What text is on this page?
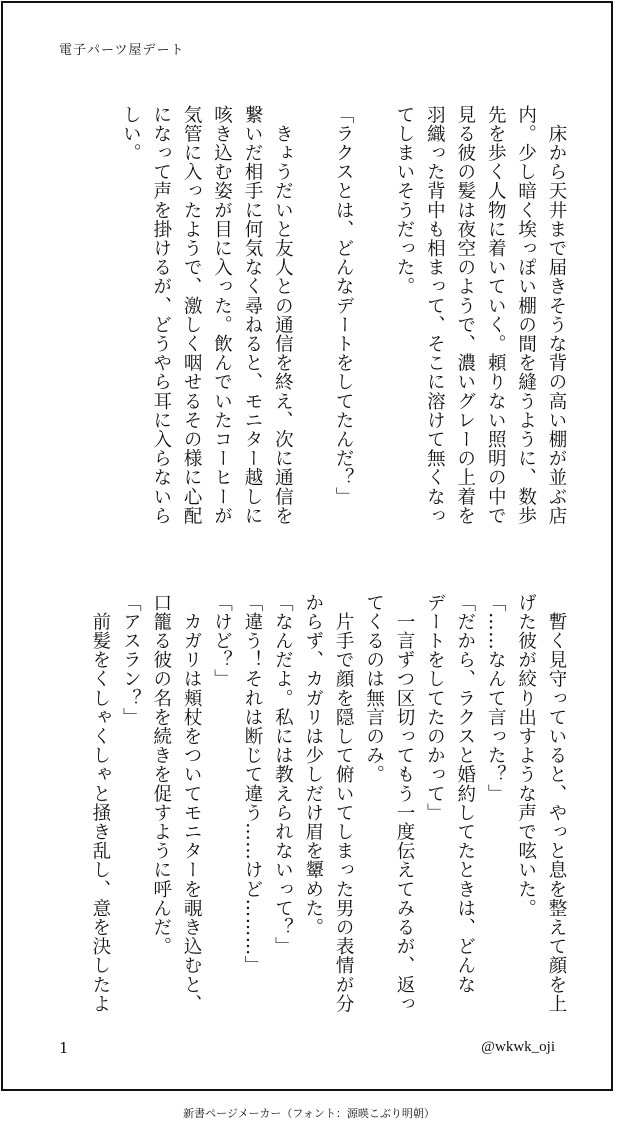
電子パーツ屋デート

　床から天井まで届きそうな背の高い棚が並ぶ店

内。少し暗く埃っぽい棚の間を縫うように、数歩

先を歩く人物に着いていく。頼りない照明の中で

見る彼の髪は夜空のようで、濃いグレーの上着を

羽織った背中も相まって、そこに溶けて無くなっ

てしまいそうだった。

「ラクスとは、どんなデートをしてたんだ？」

　きょうだいと友人との通信を終え、次に通信を

繋いだ相手に何気なく尋ねると、モニター越しに

咳き込む姿が目に入った。飲んでいたコーヒーが

気管に入ったようで、激しく咽せるその様に心配

になって声を掛けるが、どうやら耳に入らないら

しい。

　暫く見守っていると、やっと息を整えて顔を上

げた彼が絞り出すような声で呟いた。

「……なんて言った？」

「だから、ラクスと婚約してたときは、どんな

デートをしてたのかって」

　一言ずつ区切ってもう一度伝えてみるが、返っ

てくるのは無言のみ。

　片手で顔を隠して俯いてしまった男の表情が分

からず、カガリは少しだけ眉を顰めた。

「なんだよ。私には教えられないって？」

「違う！それは断じて違う……けど………」

「けど？」

　カガリは頬杖をついてモニターを覗き込むと、

口籠る彼の名を続きを促すように呼んだ。

「アスラン？」

　前髪をくしゃくしゃと掻き乱し、意を決したよ

1	@wkwk_oji
新書ページメーカー（フォント：源暎こぶり明朝）
